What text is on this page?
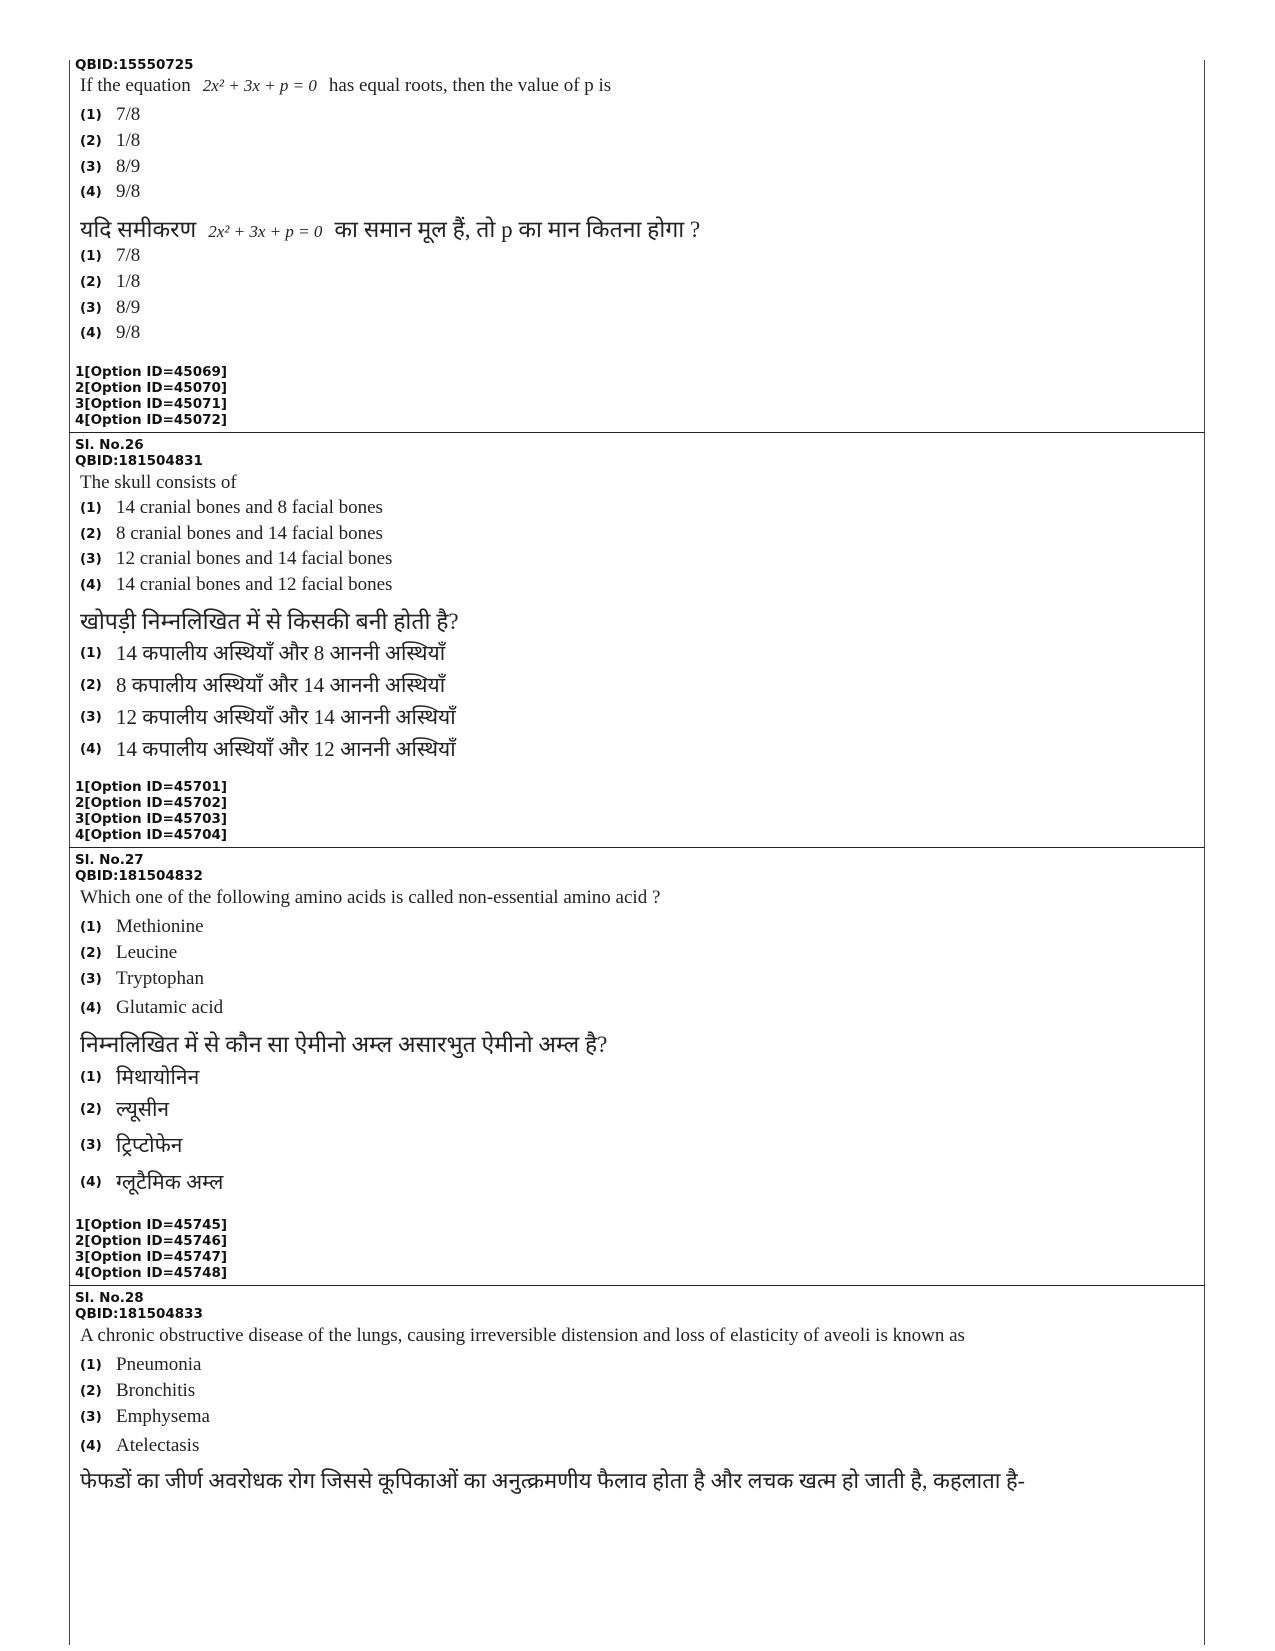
QBID:15550725
If the equation 2x² + 3x + p = 0 has equal roots, then the value of p is
(1) 7/8
(2) 1/8
(3) 8/9
(4) 9/8
यदि समीकरण 2x² + 3x + p = 0 का समान मूल हैं, तो p का मान कितना होगा ?
(1) 7/8
(2) 1/8
(3) 8/9
(4) 9/8
1[Option ID=45069]
2[Option ID=45070]
3[Option ID=45071]
4[Option ID=45072]
Sl. No.26
QBID:181504831
The skull consists of
(1) 14 cranial bones and 8 facial bones
(2) 8 cranial bones and 14 facial bones
(3) 12 cranial bones and 14 facial bones
(4) 14 cranial bones and 12 facial bones
खोपड़ी निम्नलिखित में से किसकी बनी होती है?
(1) 14 कपालीय अस्थियाँ और 8 आननी अस्थियाँ
(2) 8 कपालीय अस्थियाँ और 14 आननी अस्थियाँ
(3) 12 कपालीय अस्थियाँ और 14 आननी अस्थियाँ
(4) 14 कपालीय अस्थियाँ और 12 आननी अस्थियाँ
1[Option ID=45701]
2[Option ID=45702]
3[Option ID=45703]
4[Option ID=45704]
Sl. No.27
QBID:181504832
Which one of the following amino acids is called non-essential amino acid ?
(1) Methionine
(2) Leucine
(3) Tryptophan
(4) Glutamic acid
निम्नलिखित में से कौन सा ऐमीनो अम्ल असारभुत ऐमीनो अम्ल है?
(1) मिथायोनिन
(2) ल्यूसीन
(3) ट्रिप्टोफेन
(4) ग्लूटैमिक अम्ल
1[Option ID=45745]
2[Option ID=45746]
3[Option ID=45747]
4[Option ID=45748]
Sl. No.28
QBID:181504833
A chronic obstructive disease of the lungs, causing irreversible distension and loss of elasticity of aveoli is known as
(1) Pneumonia
(2) Bronchitis
(3) Emphysema
(4) Atelectasis
फेफडों का जीर्ण अवरोधक रोग जिससे कूपिकाओं का अनुत्क्रमणीय फैलाव होता है और लचक खत्म हो जाती है, कहलाता है-
